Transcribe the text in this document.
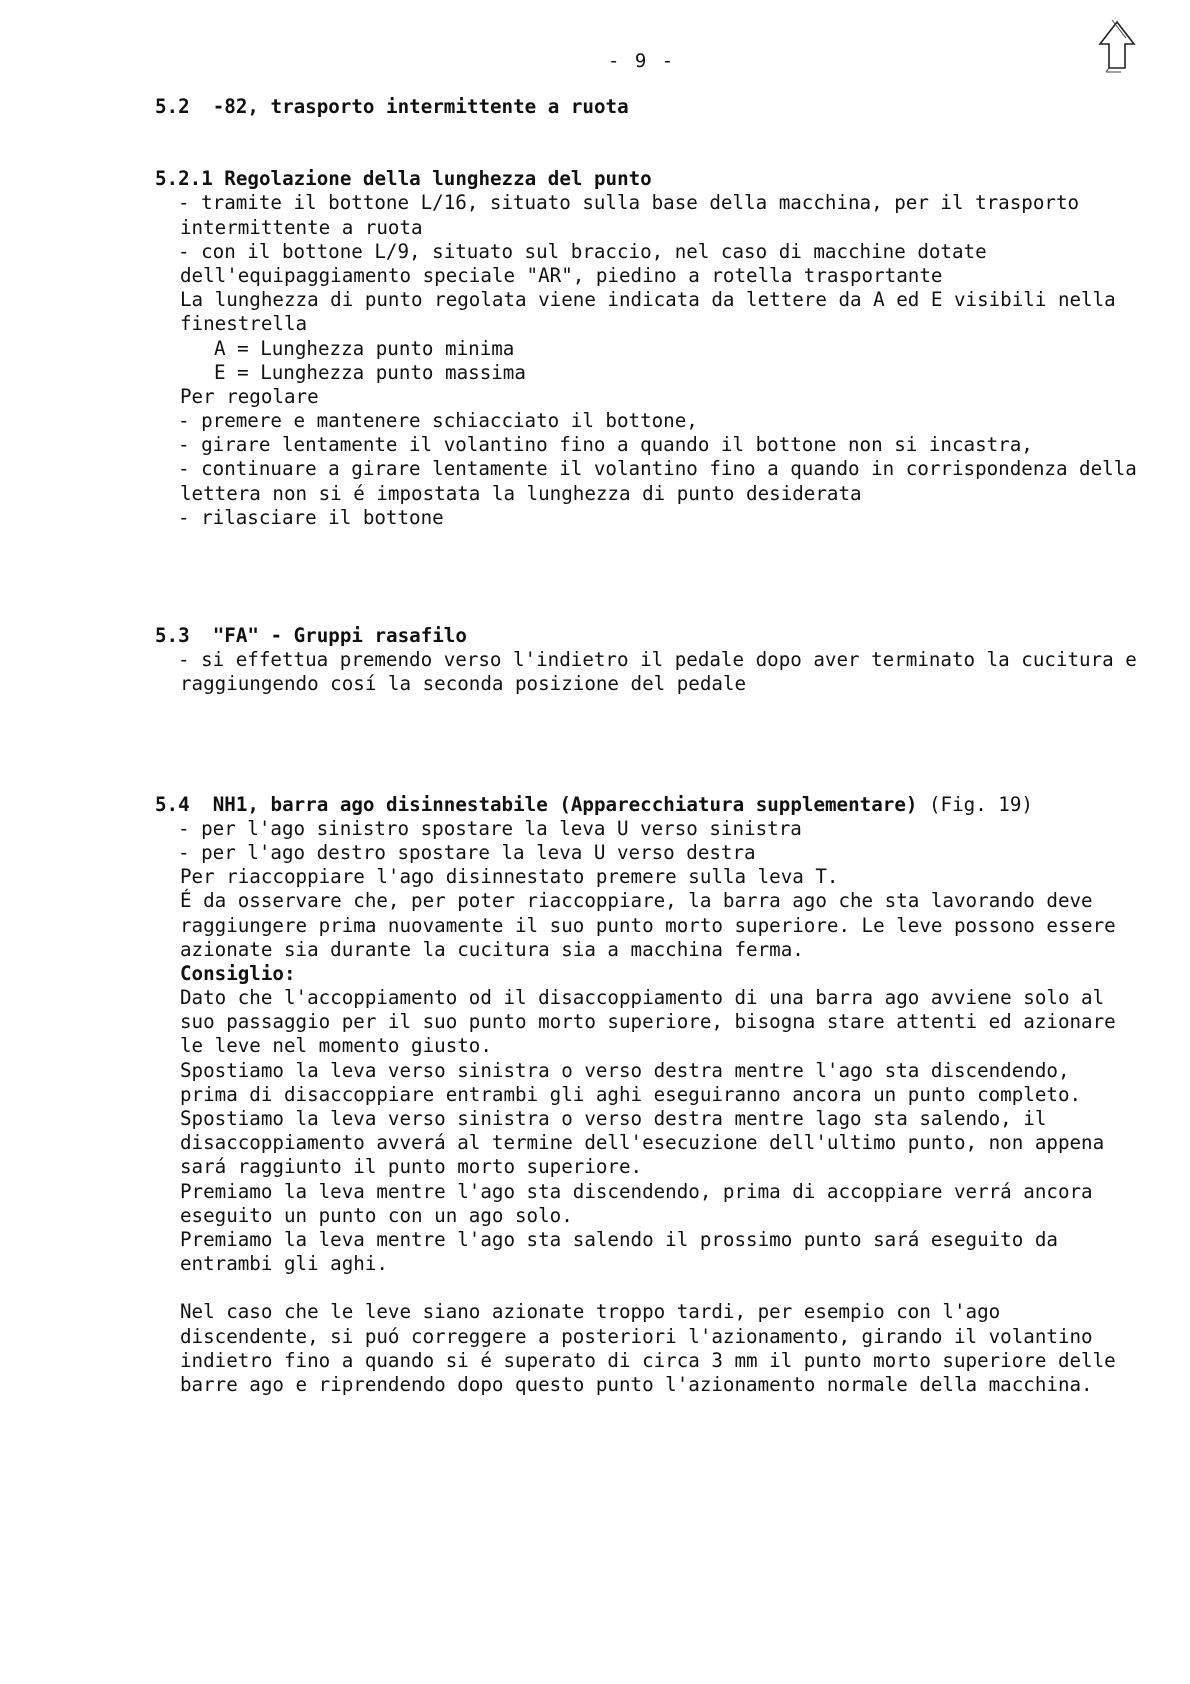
- 9 -
5.2  -82, trasporto intermittente a ruota
5.2.1 Regolazione della lunghezza del punto
- tramite il bottone L/16, situato sulla base della macchina, per il trasporto
intermittente a ruota
- con il bottone L/9, situato sul braccio, nel caso di macchine dotate
dell'equipaggiamento speciale "AR", piedino a rotella trasportante
La lunghezza di punto regolata viene indicata da lettere da A ed E visibili nella
finestrella
A = Lunghezza punto minima
E = Lunghezza punto massima
Per regolare
- premere e mantenere schiacciato il bottone,
- girare lentamente il volantino fino a quando il bottone non si incastra,
- continuare a girare lentamente il volantino fino a quando in corrispondenza della
lettera non si é impostata la lunghezza di punto desiderata
- rilasciare il bottone
5.3  "FA" - Gruppi rasafilo
- si effettua premendo verso l'indietro il pedale dopo aver terminato la cucitura e
raggiungendo cosí la seconda posizione del pedale
5.4  NH1, barra ago disinnestabile (Apparecchiatura supplementare) (Fig. 19)
- per l'ago sinistro spostare la leva U verso sinistra
- per l'ago destro spostare la leva U verso destra
Per riaccoppiare l'ago disinnestato premere sulla leva T.
É da osservare che, per poter riaccoppiare, la barra ago che sta lavorando deve
raggiungere prima nuovamente il suo punto morto superiore. Le leve possono essere
azionate sia durante la cucitura sia a macchina ferma.
Consiglio:
Dato che l'accoppiamento od il disaccoppiamento di una barra ago avviene solo al
suo passaggio per il suo punto morto superiore, bisogna stare attenti ed azionare
le leve nel momento giusto.
Spostiamo la leva verso sinistra o verso destra mentre l'ago sta discendendo,
prima di disaccoppiare entrambi gli aghi eseguiranno ancora un punto completo.
Spostiamo la leva verso sinistra o verso destra mentre lago sta salendo, il
disaccoppiamento avverá al termine dell'esecuzione dell'ultimo punto, non appena
sará raggiunto il punto morto superiore.
Premiamo la leva mentre l'ago sta discendendo, prima di accoppiare verrá ancora
eseguito un punto con un ago solo.
Premiamo la leva mentre l'ago sta salendo il prossimo punto sará eseguito da
entrambi gli aghi.
Nel caso che le leve siano azionate troppo tardi, per esempio con l'ago
discendente, si puó correggere a posteriori l'azionamento, girando il volantino
indietro fino a quando si é superato di circa 3 mm il punto morto superiore delle
barre ago e riprendendo dopo questo punto l'azionamento normale della macchina.
